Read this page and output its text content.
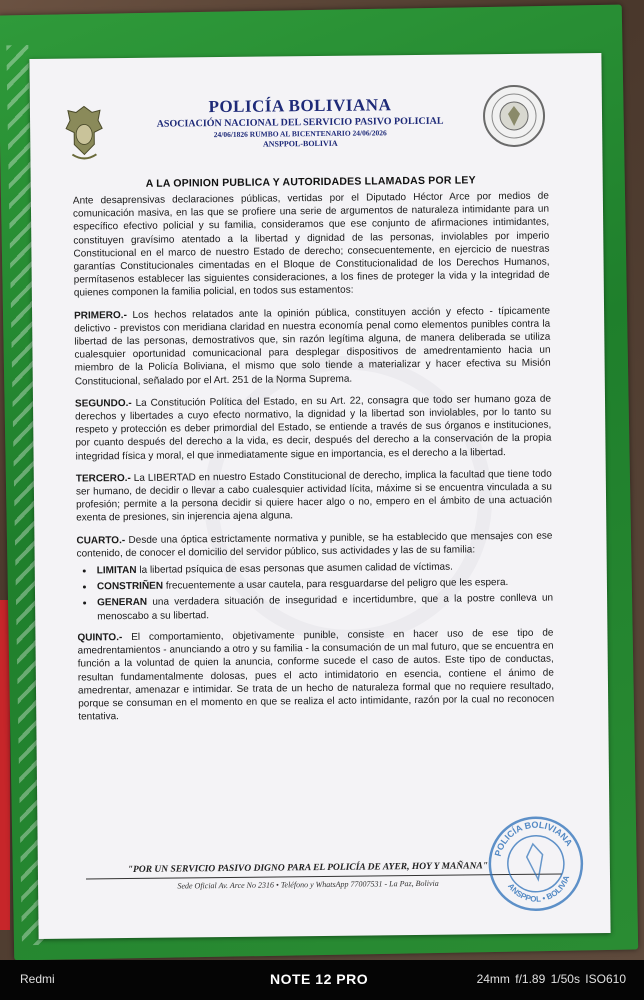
POLICÍA BOLIVIANA
ASOCIACIÓN NACIONAL DEL SERVICIO PASIVO POLICIAL
24/06/1826 RUMBO AL BICENTENARIO 24/06/2026
ANSPPOL-BOLIVIA
A LA OPINION PUBLICA Y AUTORIDADES LLAMADAS POR LEY

Ante desaprensivas declaraciones públicas, vertidas por el Diputado Héctor Arce por medios de comunicación masiva, en las que se profiere una serie de argumentos de naturaleza intimidante para un específico efectivo policial y su familia, consideramos que ese conjunto de afirmaciones intimidantes, constituyen gravísimo atentado a la libertad y dignidad de las personas, inviolables por imperio Constitucional en el marco de nuestro Estado de derecho; consecuentemente, en ejercicio de nuestras garantías Constitucionales cimentadas en el Bloque de Constitucionalidad de los Derechos Humanos, permítasenos establecer las siguientes consideraciones, a los fines de proteger la vida y la integridad de quienes componen la familia policial, en todos sus estamentos:

PRIMERO.- Los hechos relatados ante la opinión pública, constituyen acción y efecto - típicamente delictivo - previstos con meridiana claridad en nuestra economía penal como elementos punibles contra la libertad de las personas, demostrativos que, sin razón legítima alguna, de manera deliberada se utiliza cualesquier oportunidad comunicacional para desplegar dispositivos de amedrentamiento hacia un miembro de la Policía Boliviana, el mismo que solo tiende a materializar y hacer efectiva su Misión Constitucional, señalado por el Art. 251 de la Norma Suprema.

SEGUNDO.- La Constitución Política del Estado, en su Art. 22, consagra que todo ser humano goza de derechos y libertades a cuyo efecto normativo, la dignidad y la libertad son inviolables, por lo tanto su respeto y protección es deber primordial del Estado, se entiende a través de sus órganos e instituciones, por cuanto después del derecho a la vida, es decir, después del derecho a la conservación de la propia integridad física y moral, el que inmediatamente sigue en importancia, es el derecho a la libertad.

TERCERO.- La LIBERTAD en nuestro Estado Constitucional de derecho, implica la facultad que tiene todo ser humano, de decidir o llevar a cabo cualesquier actividad lícita, máxime si se encuentra vinculada a su profesión; permite a la persona decidir si quiere hacer algo o no, empero en el ámbito de una actuación exenta de presiones, sin injerencia ajena alguna.

CUARTO.- Desde una óptica estrictamente normativa y punible, se ha establecido que mensajes con ese contenido, de conocer el domicilio del servidor público, sus actividades y las de su familia:

• LIMITAN la libertad psíquica de esas personas que asumen calidad de víctimas.
• CONSTRIÑEN frecuentemente a usar cautela, para resguardarse del peligro que les espera.
• GENERAN una verdadera situación de inseguridad e incertidumbre, que a la postre conlleva un menoscabo a su libertad.

QUINTO.- El comportamiento, objetivamente punible, consiste en hacer uso de ese tipo de amedrentamientos - anunciando a otro y su familia - la consumación de un mal futuro, que se encuentra en función a la voluntad de quien la anuncia, conforme sucede el caso de autos. Este tipo de conductas, resultan fundamentalmente dolosas, pues el acto intimidatorio en esencia, contiene el ánimo de amedrentar, amenazar e intimidar. Se trata de un hecho de naturaleza formal que no requiere resultado, porque se consuman en el momento en que se realiza el acto intimidante, razón por la cual no reconocen tentativa.

"POR UN SERVICIO PASIVO DIGNO PARA EL POLICÍA DE AYER, HOY Y MAÑANA"
Sede Oficial Av. Arce No 2316 • Teléfono y WhatsApp 77007531 - La Paz, Bolivia
POLICÍA BOLIVIANA
ANSPPOL • BOLIVIA
Redmi	NOTE 12 PRO	24mm f/1.89 1/50s ISO610
